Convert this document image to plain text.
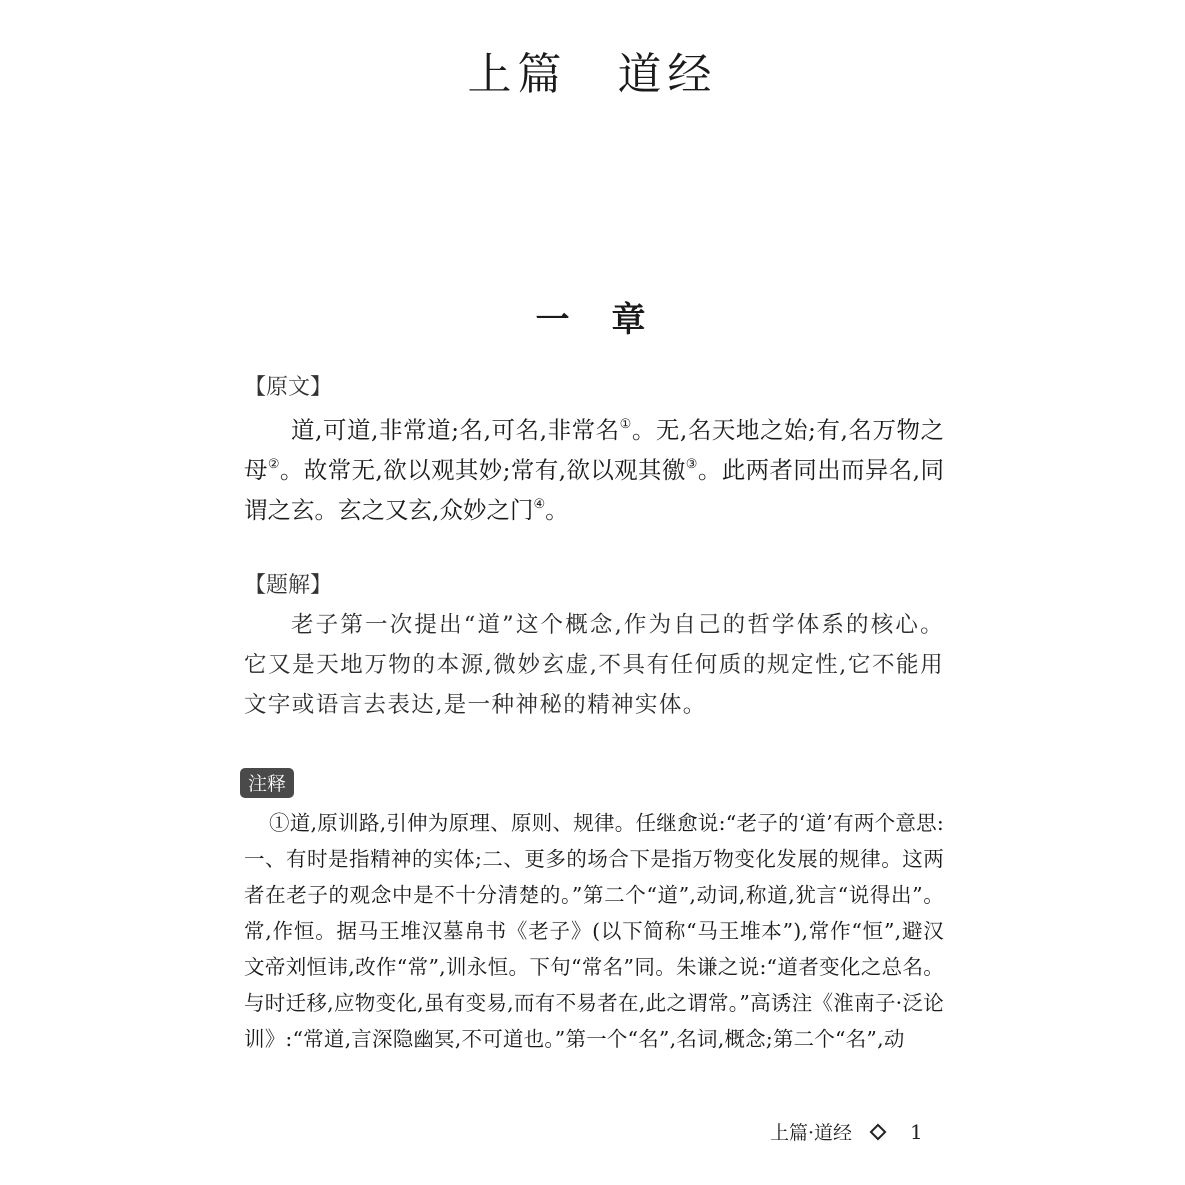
上篇　道经
一　章
【原文】

道,可道,非常道;名,可名,非常名①。无,名天地之始;有,名万物之母②。故常无,欲以观其妙;常有,欲以观其徼③。此两者同出而异名,同谓之玄。玄之又玄,众妙之门④。

【题解】

老子第一次提出“道”这个概念,作为自己的哲学体系的核心。它又是天地万物的本源,微妙玄虚,不具有任何质的规定性,它不能用文字或语言去表达,是一种神秘的精神实体。

注释

①道,原训路,引伸为原理、原则、规律。任继愈说:“老子的‘道’有两个意思:一、有时是指精神的实体;二、更多的场合下是指万物变化发展的规律。这两者在老子的观念中是不十分清楚的。”第二个“道”,动词,称道,犹言“说得出”。常,作恒。据马王堆汉墓帛书《老子》(以下简称“马王堆本”),常作“恒”,避汉文帝刘恒讳,改作“常”,训永恒。下句“常名”同。朱谦之说:“道者变化之总名。与时迁移,应物变化,虽有变易,而有不易者在,此之谓常。”高诱注《淮南子·泛论训》:“常道,言深隐幽冥,不可道也。”第一个“名”,名词,概念;第二个“名”,动

上篇·道经	1
